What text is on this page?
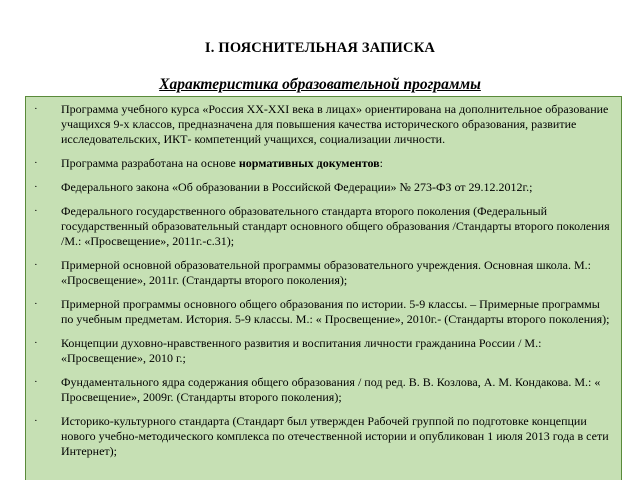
I. ПОЯСНИТЕЛЬНАЯ ЗАПИСКА
Характеристика образовательной программы
· Программа учебного курса «Россия XX-XXI века в лицах» ориентирована на дополнительное образование учащихся 9-х классов, предназначена для повышения качества исторического образования, развитие исследовательских, ИКТ- компетенций учащихся, социализации личности.
· Программа разработана на основе нормативных документов:
· Федерального закона «Об образовании в Российской Федерации» № 273-ФЗ от 29.12.2012г.;
· Федерального государственного образовательного стандарта второго поколения (Федеральный государственный образовательный стандарт основного общего образования /Стандарты второго поколения /М.: «Просвещение», 2011г.-с.31);
· Примерной основной образовательной программы образовательного учреждения. Основная школа. М.: «Просвещение», 2011г. (Стандарты второго поколения);
· Примерной программы основного общего образования по истории. 5-9 классы. – Примерные программы по учебным предметам. История. 5-9 классы. М.: « Просвещение», 2010г.- (Стандарты второго поколения);
· Концепции духовно-нравственного развития и воспитания личности гражданина России / М.: «Просвещение», 2010 г.;
· Фундаментального ядра содержания общего образования / под ред. В. В. Козлова, А. М. Кондакова. М.: « Просвещение», 2009г. (Стандарты второго поколения);
· Историко-культурного стандарта (Стандарт был утвержден Рабочей группой по подготовке концепции нового учебно-методического комплекса по отечественной истории и опубликован 1 июля 2013 года в сети Интернет);
